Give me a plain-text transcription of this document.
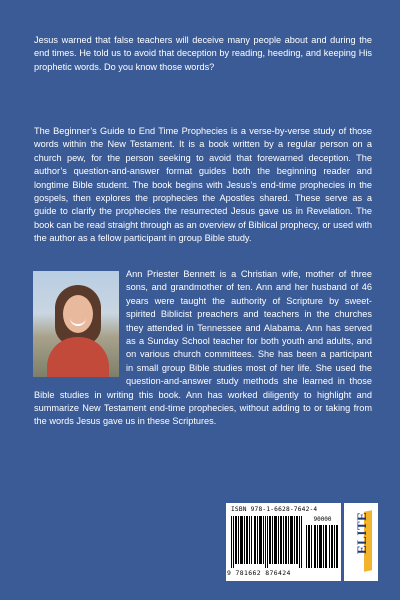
Jesus warned that false teachers will deceive many people about and during the end times. He told us to avoid that deception by reading, heeding, and keeping His prophetic words. Do you know those words?

The Beginner’s Guide to End Time Prophecies is a verse-by-verse study of those words within the New Testament. It is a book written by a regular person on a church pew, for the person seeking to avoid that forewarned deception. The author’s question-and-answer format guides both the beginning reader and longtime Bible student. The book begins with Jesus’s end-time prophecies in the gospels, then explores the prophecies the Apostles shared. These serve as a guide to clarify the prophecies the resurrected Jesus gave us in Revelation. The book can be read straight through as an overview of Biblical prophecy, or used with the author as a fellow participant in group Bible study.

Ann Priester Bennett is a Christian wife, mother of three sons, and grandmother of ten. Ann and her husband of 46 years were taught the authority of Scripture by sweet-spirited Biblicist preachers and teachers in the churches they attended in Tennessee and Alabama. Ann has served as a Sunday School teacher for both youth and adults, and on various church committees. She has been a participant in small group Bible studies most of her life. She used the question-and-answer study methods she learned in those Bible studies in writing this book. Ann has worked diligently to highlight and summarize New Testament end-time prophecies, without adding to or taking from the words Jesus gave us in these Scriptures.

ISBN 978-1-6628-7642-4
90000
9 781662 876424
ELITE
